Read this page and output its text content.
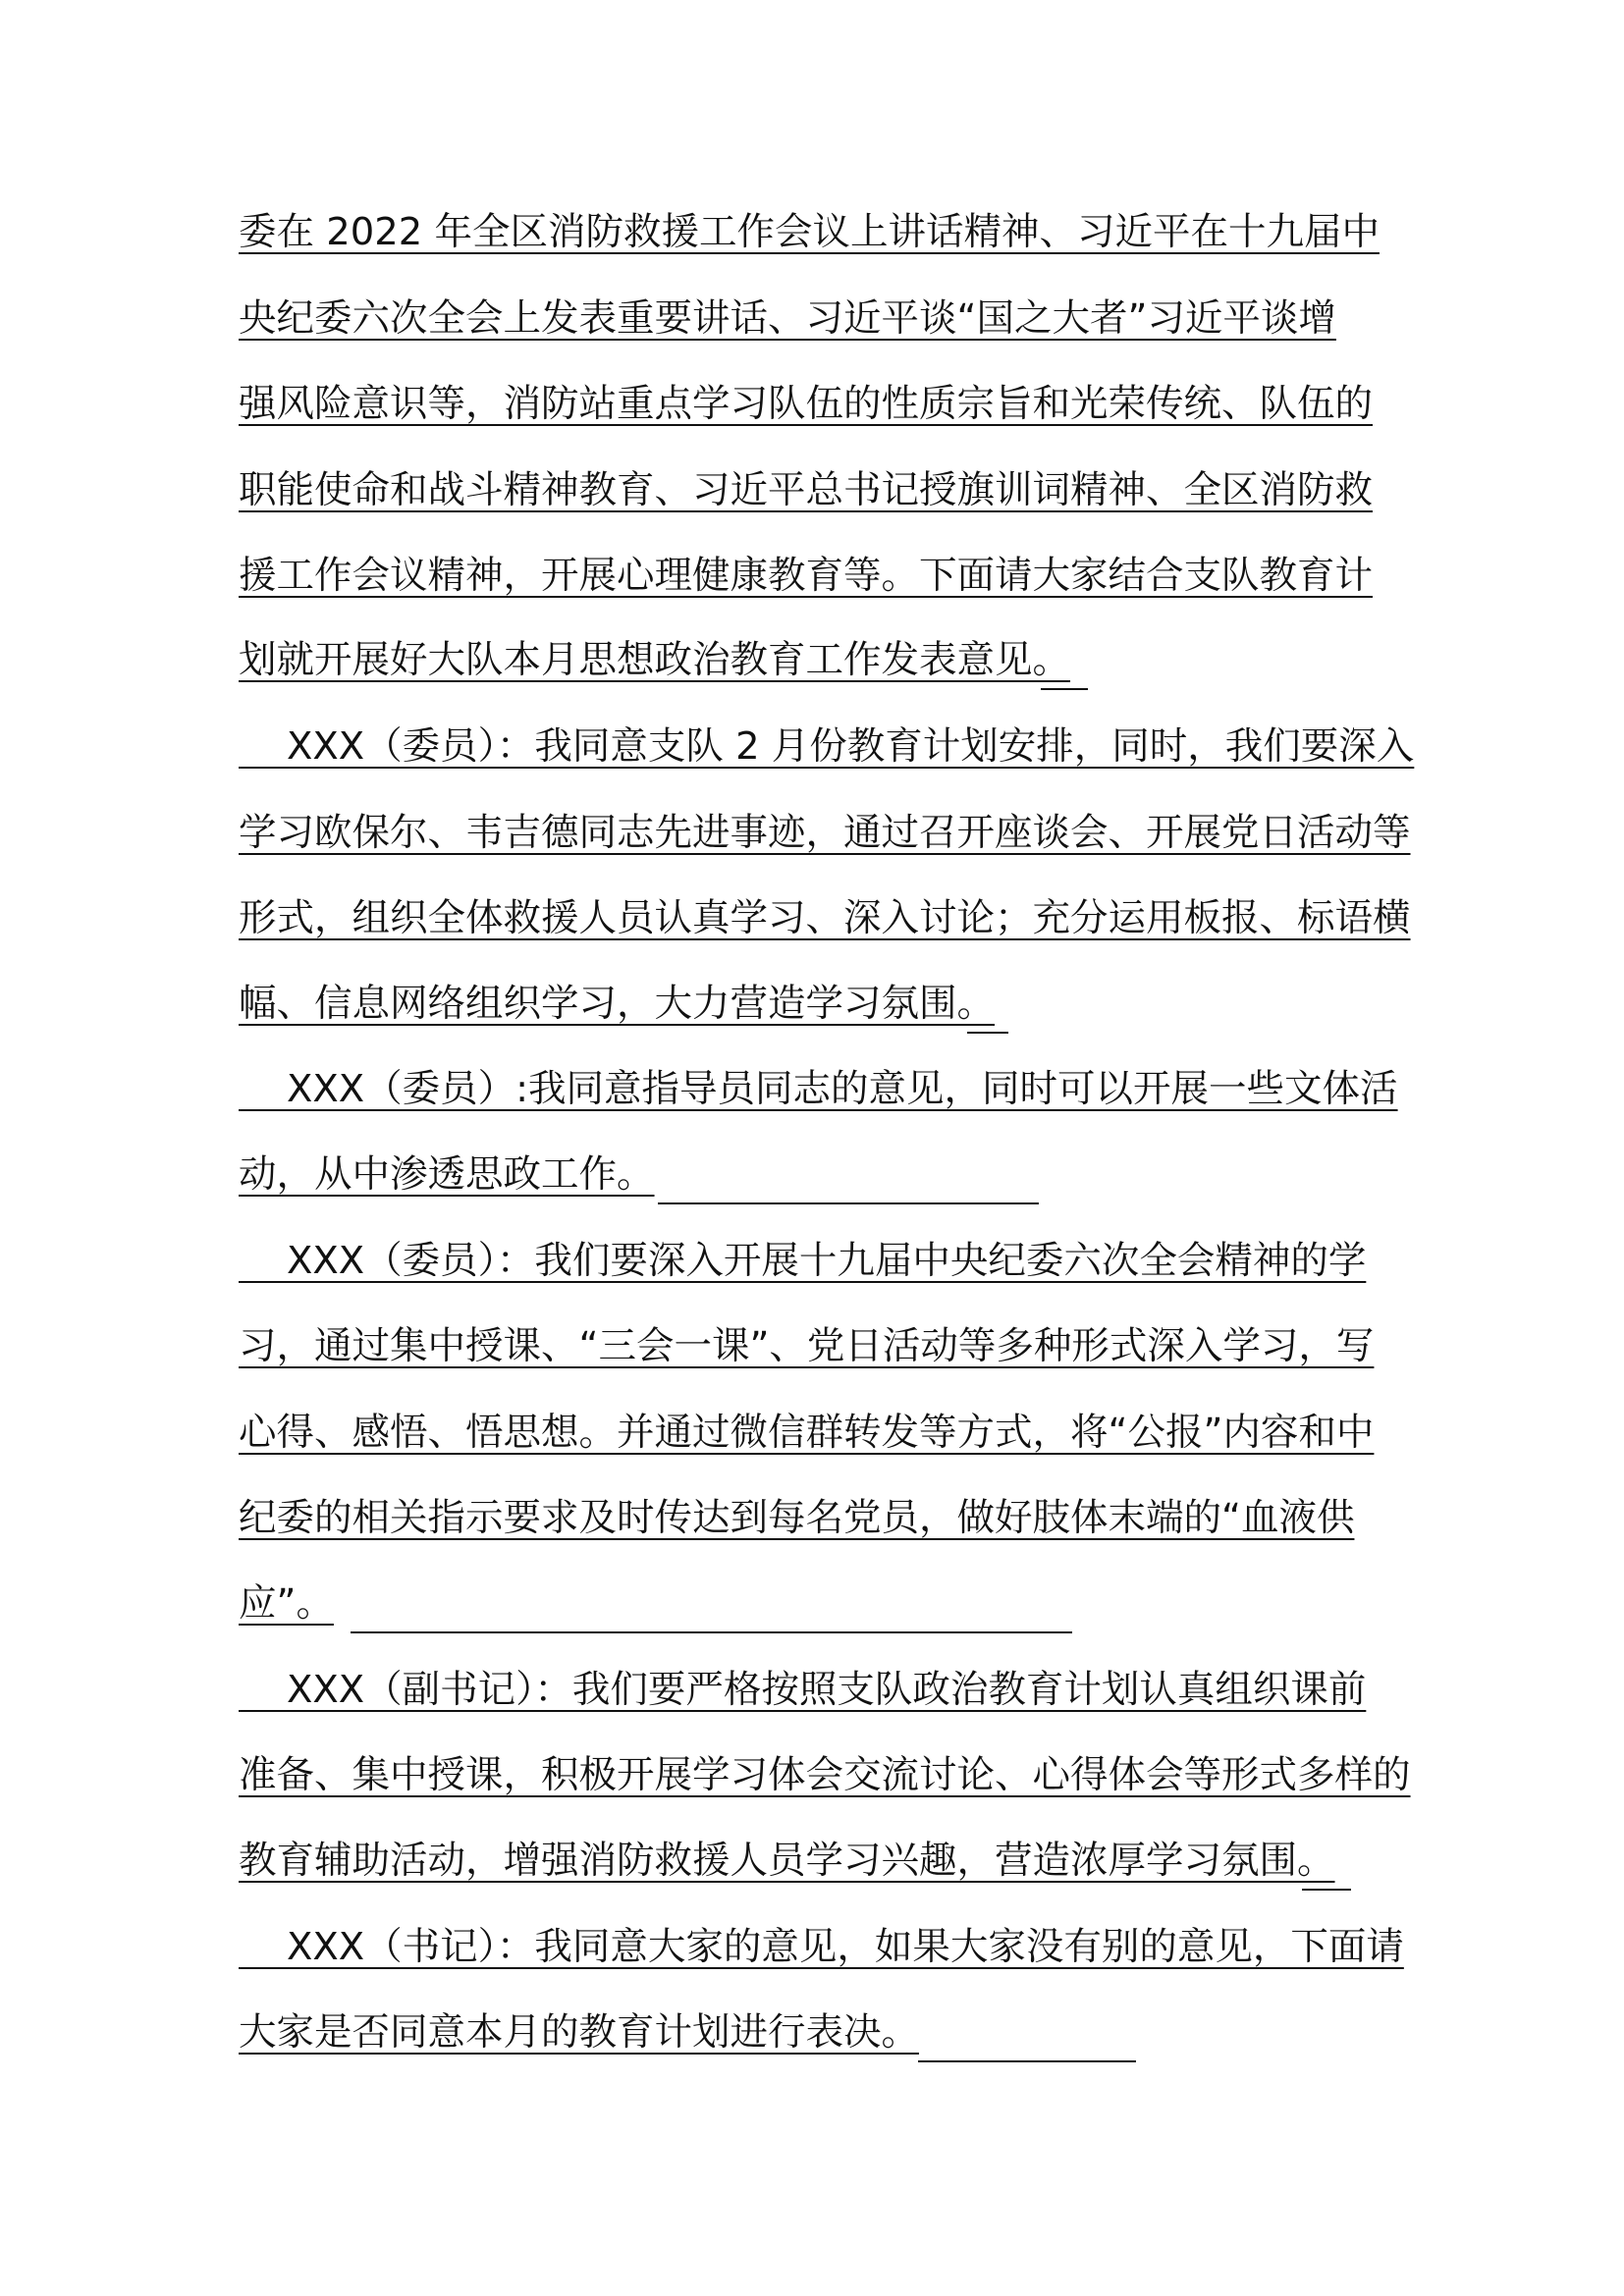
委在 2022 年全区消防救援工作会议上讲话精神、习近平在十九届中
央纪委六次全会上发表重要讲话、习近平谈“国之大者”习近平谈增
强风险意识等，消防站重点学习队伍的性质宗旨和光荣传统、队伍的
职能使命和战斗精神教育、习近平总书记授旗训词精神、全区消防救
援工作会议精神，开展心理健康教育等。下面请大家结合支队教育计
划就开展好大队本月思想政治教育工作发表意见。
XXX（委员）：我同意支队 2 月份教育计划安排，同时，我们要深入
学习欧保尔、韦吉德同志先进事迹，通过召开座谈会、开展党日活动等
形式，组织全体救援人员认真学习、深入讨论；充分运用板报、标语横
幅、信息网络组织学习，大力营造学习氛围。
XXX（委员）:我同意指导员同志的意见，同时可以开展一些文体活
动，从中渗透思政工作。
XXX（委员）：我们要深入开展十九届中央纪委六次全会精神的学
习，通过集中授课、“三会一课”、党日活动等多种形式深入学习，写
心得、感悟、悟思想。并通过微信群转发等方式，将“公报”内容和中
纪委的相关指示要求及时传达到每名党员，做好肢体末端的“血液供
应”。
XXX（副书记）：我们要严格按照支队政治教育计划认真组织课前
准备、集中授课，积极开展学习体会交流讨论、心得体会等形式多样的
教育辅助活动，增强消防救援人员学习兴趣，营造浓厚学习氛围。
XXX（书记）：我同意大家的意见，如果大家没有别的意见，下面请
大家是否同意本月的教育计划进行表决。
